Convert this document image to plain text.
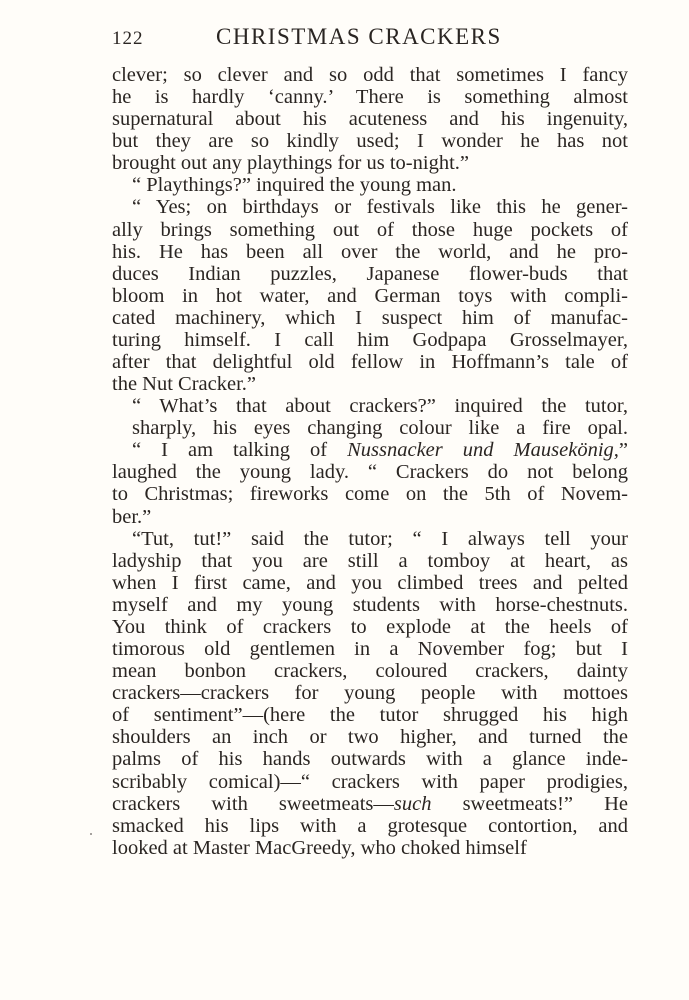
122	CHRISTMAS CRACKERS
clever; so clever and so odd that sometimes I fancy
he is hardly ‘canny.’ There is something almost
supernatural about his acuteness and his ingenuity,
but they are so kindly used; I wonder he has not
brought out any playthings for us to-night.”
“ Playthings?” inquired the young man.
“ Yes; on birthdays or festivals like this he gener-
ally brings something out of those huge pockets of
his. He has been all over the world, and he pro-
duces Indian puzzles, Japanese flower-buds that
bloom in hot water, and German toys with compli-
cated machinery, which I suspect him of manufac-
turing himself. I call him Godpapa Grosselmayer,
after that delightful old fellow in Hoffmann’s tale of
the Nut Cracker.”
“ What’s that about crackers?” inquired the tutor,
sharply, his eyes changing colour like a fire opal.
“ I am talking of Nussnacker und Mausekönig,”
laughed the young lady. “ Crackers do not belong
to Christmas; fireworks come on the 5th of Novem-
ber.”
“Tut, tut!” said the tutor; “ I always tell your
ladyship that you are still a tomboy at heart, as
when I first came, and you climbed trees and pelted
myself and my young students with horse-chestnuts.
You think of crackers to explode at the heels of
timorous old gentlemen in a November fog; but I
mean bonbon crackers, coloured crackers, dainty
crackers—crackers for young people with mottoes
of sentiment”—(here the tutor shrugged his high
shoulders an inch or two higher, and turned the
palms of his hands outwards with a glance inde-
scribably comical)—“ crackers with paper prodigies,
crackers with sweetmeats—such sweetmeats!” He
smacked his lips with a grotesque contortion, and
looked at Master MacGreedy, who choked himself
